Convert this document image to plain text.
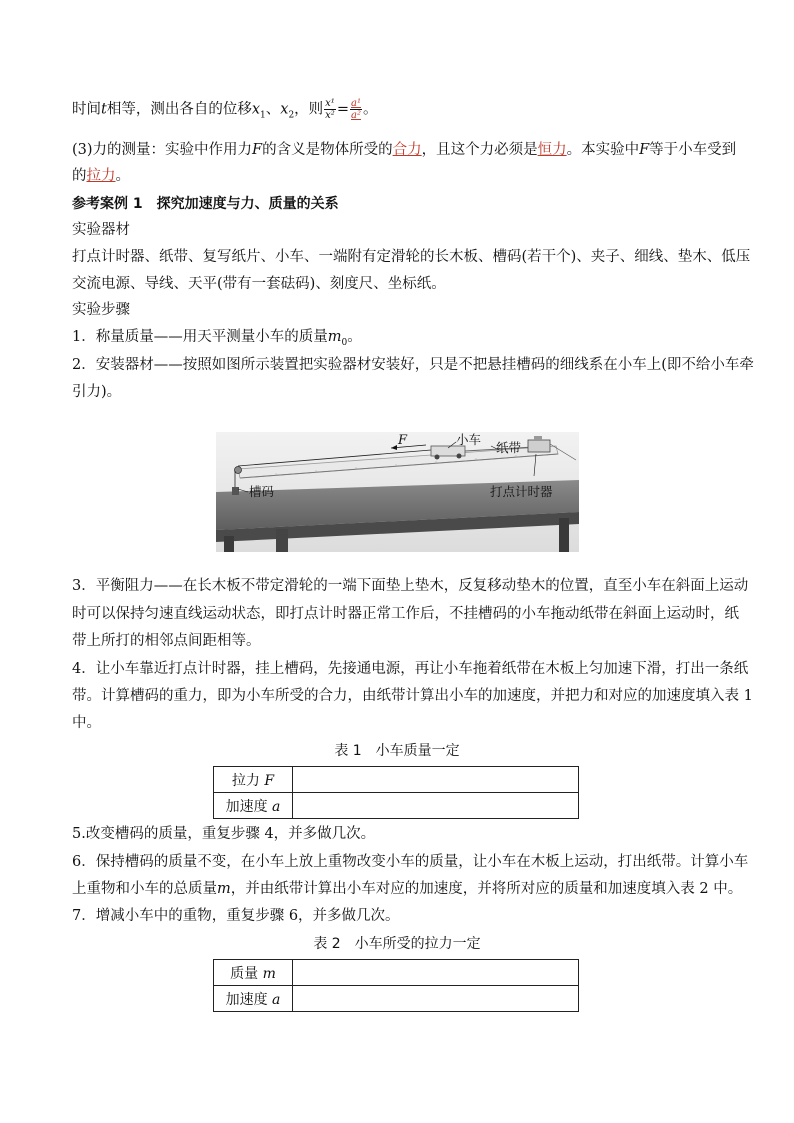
时间t相等，测出各自的位移$x_1$、$x_2$，则 $\frac{\text{x¹}}{\text{x²}} = \frac{\text{a¹}}{\text{a²}}$ 。
(3)力的测量：实验中作用力F的含义是物体所受的合力，且这个力必须是恒力。本实验中F等于小车受到
的拉力。
参考案例 1　探究加速度与力、质量的关系
实验器材
打点计时器、纸带、复写纸片、小车、一端附有定滑轮的长木板、槽码(若干个)、夹子、细线、垫木、低压
交流电源、导线、天平(带有一套砝码)、刻度尺、坐标纸。
实验步骤
1．称量质量——用天平测量小车的质量$m_0$。
2．安装器材——按照如图所示装置把实验器材安装好，只是不把悬挂槽码的细线系在小车上(即不给小车牵
引力)。
F	小车
纸带
槽码	打点计时器
3．平衡阻力——在长木板不带定滑轮的一端下面垫上垫木，反复移动垫木的位置，直至小车在斜面上运动
时可以保持匀速直线运动状态，即打点计时器正常工作后，不挂槽码的小车拖动纸带在斜面上运动时，纸
带上所打的相邻点间距相等。
4．让小车靠近打点计时器，挂上槽码，先接通电源，再让小车拖着纸带在木板上匀加速下滑，打出一条纸
带。计算槽码的重力，即为小车所受的合力，由纸带计算出小车的加速度，并把力和对应的加速度填入表 1
中。
表 1　小车质量一定
拉力 F	
加速度 a	
5.改变槽码的质量，重复步骤 4，并多做几次。
6．保持槽码的质量不变，在小车上放上重物改变小车的质量，让小车在木板上运动，打出纸带。计算小车
上重物和小车的总质量m，并由纸带计算出小车对应的加速度，并将所对应的质量和加速度填入表 2 中。
7．增减小车中的重物，重复步骤 6，并多做几次。
表 2　小车所受的拉力一定
质量 m	
加速度 a	
